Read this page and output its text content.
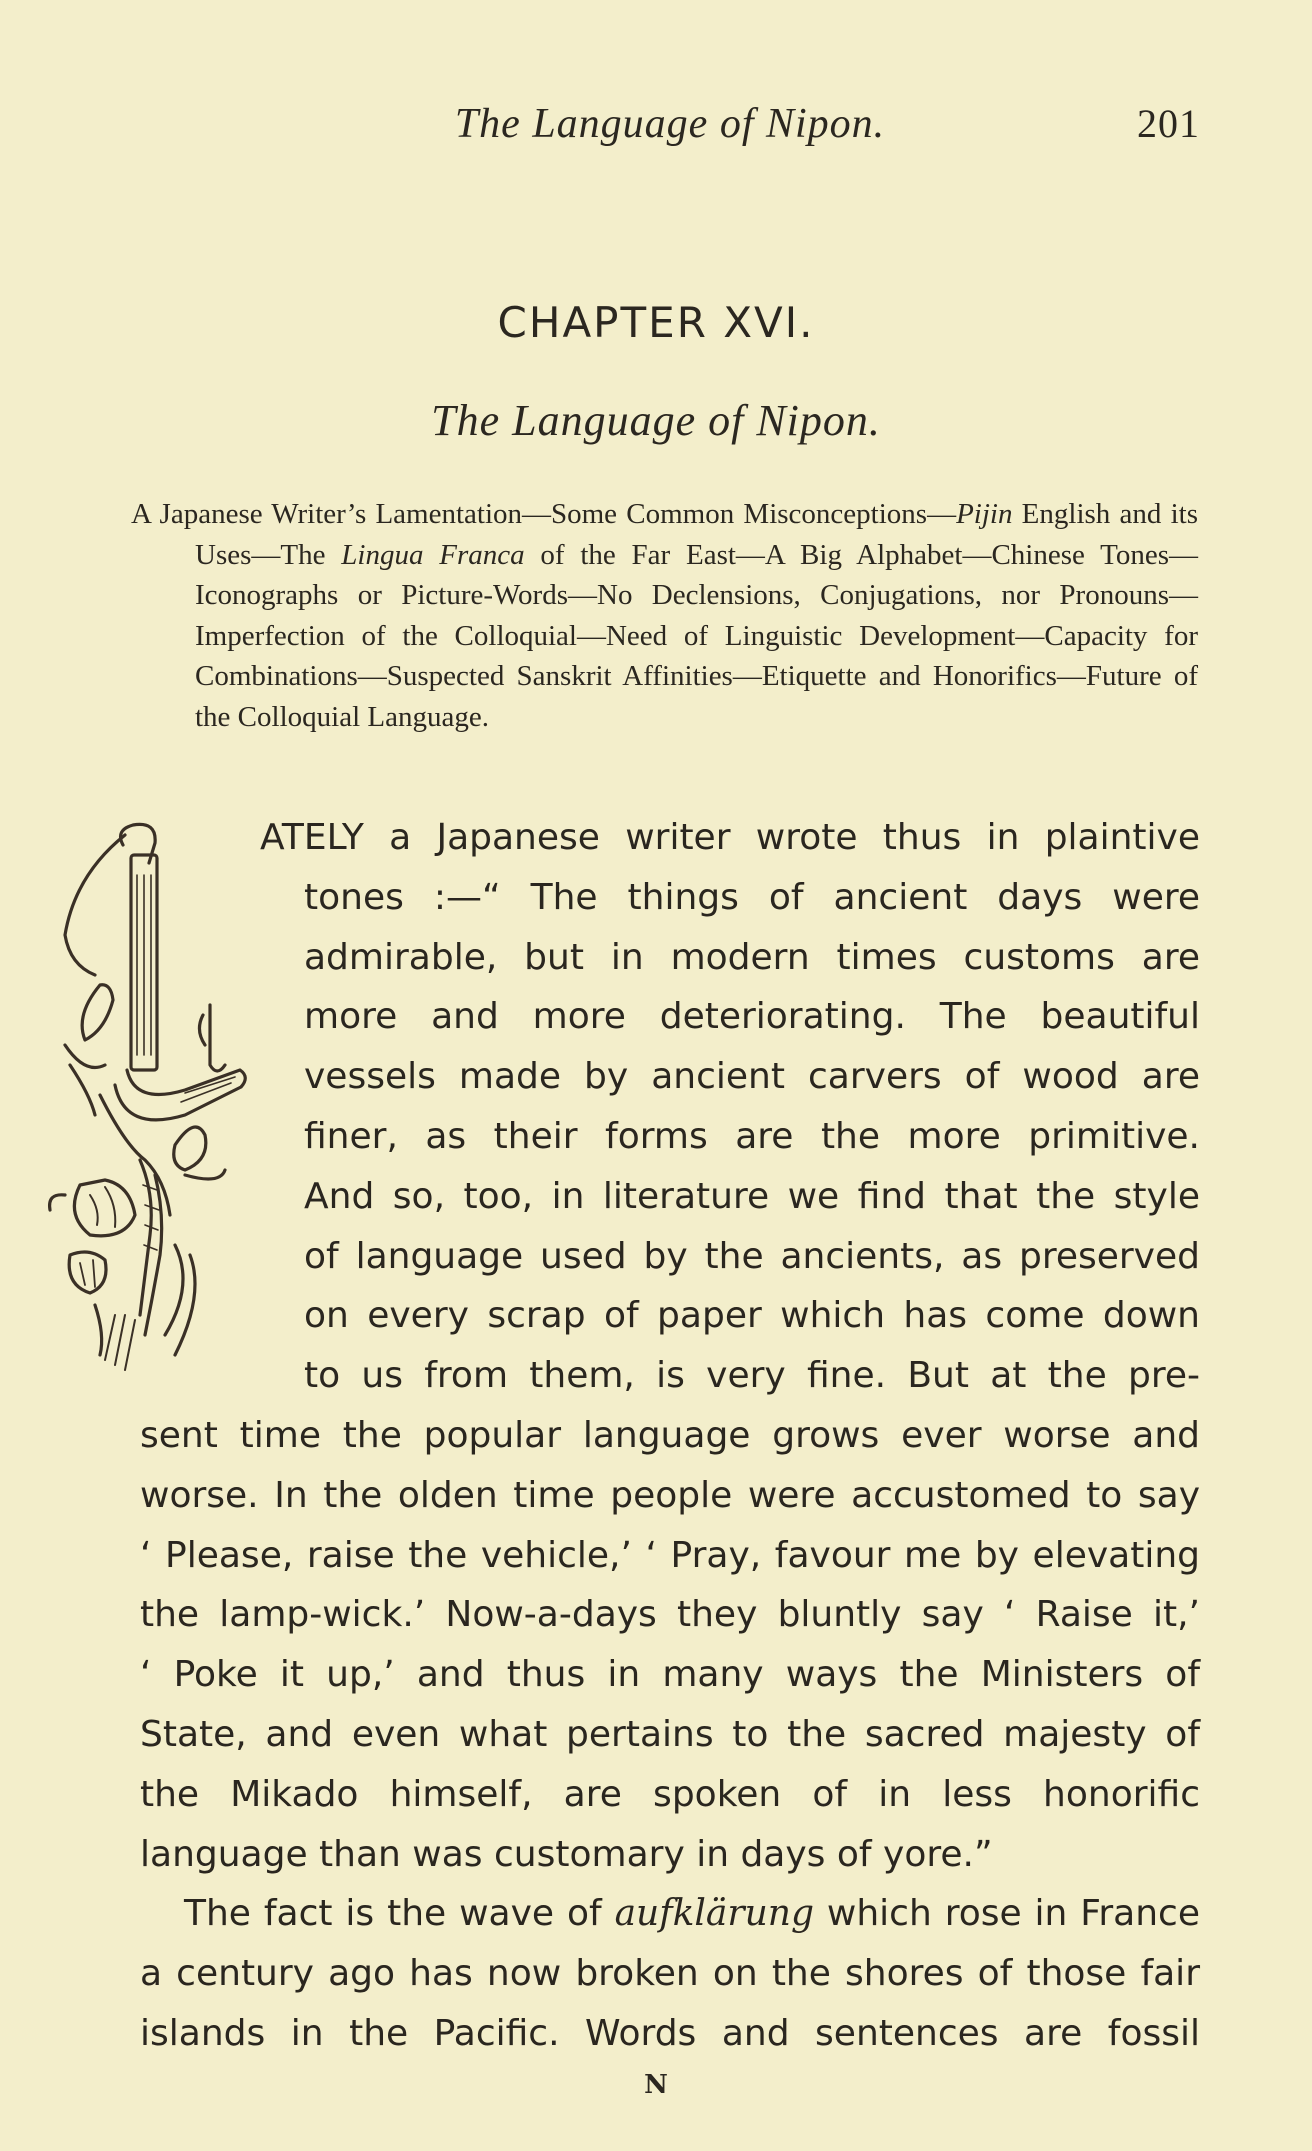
The Language of Nipon.	201
CHAPTER XVI.
The Language of Nipon.
A Japanese Writer’s Lamentation—Some Common Misconceptions—Pijin English and its Uses—The Lingua Franca of the Far East—A Big Alphabet—Chinese Tones—Iconographs or Picture-Words—No Declensions, Conjugations, nor Pronouns—Imperfection of the Colloquial—Need of Linguistic Development—Capacity for Combinations—Suspected Sanskrit Affinities—Etiquette and Honorifics—Future of the Colloquial Language.
ATELY a Japanese writer wrote thus in plaintive
tones :—“ The things of ancient days were
admirable, but in modern times customs are
more and more deteriorating. The beautiful
vessels made by ancient carvers of wood are
finer, as their forms are the more primitive.
And so, too, in literature we find that the style
of language used by the ancients, as preserved
on every scrap of paper which has come down
to us from them, is very fine. But at the pre-
sent time the popular language grows ever worse and
worse. In the olden time people were accustomed to say
‘ Please, raise the vehicle,’ ‘ Pray, favour me by elevating
the lamp-wick.’ Now-a-days they bluntly say ‘ Raise it,’
‘ Poke it up,’ and thus in many ways the Ministers of
State, and even what pertains to the sacred majesty of
the Mikado himself, are spoken of in less honorific
language than was customary in days of yore.”
The fact is the wave of aufklärung which rose in France
a century ago has now broken on the shores of those fair
islands in the Pacific. Words and sentences are fossil
N
